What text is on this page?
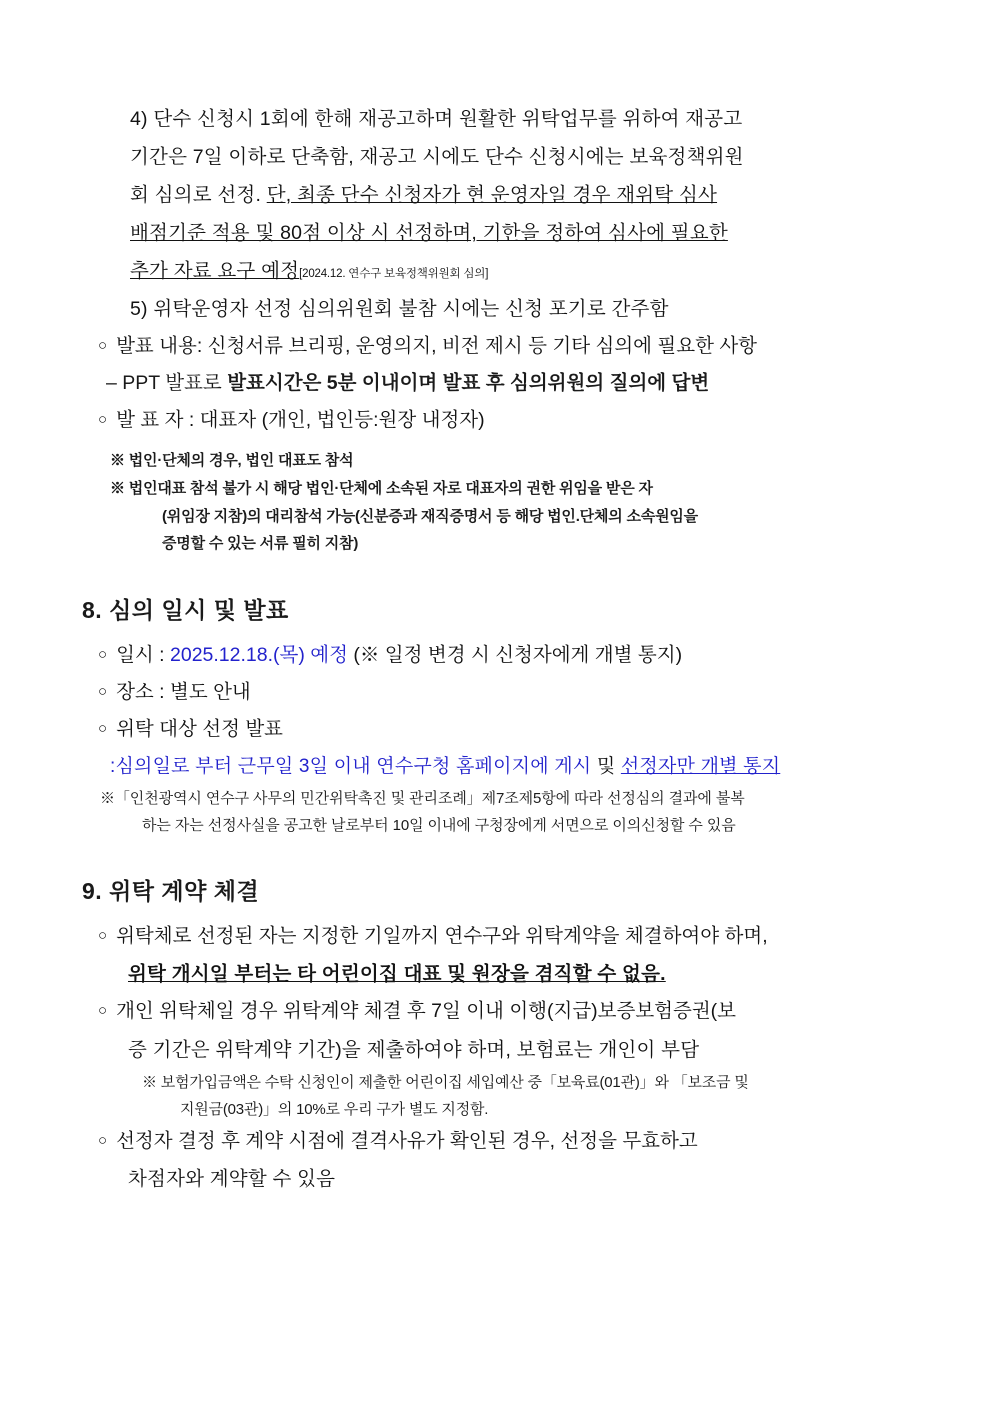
4) 단수 신청시 1회에 한해 재공고하며 원활한 위탁업무를 위하여 재공고
기간은 7일 이하로 단축함, 재공고 시에도 단수 신청시에는 보육정책위원
회 심의로 선정. 단, 최종 단수 신청자가 현 운영자일 경우 재위탁 심사
배점기준 적용 및 80점 이상 시 선정하며, 기한을 정하여 심사에 필요한
추가 자료 요구 예정[2024.12. 연수구 보육정책위원회 심의]
5) 위탁운영자 선정 심의위원회 불참 시에는 신청 포기로 간주함
○ 발표 내용: 신청서류 브리핑, 운영의지, 비전 제시 등 기타 심의에 필요한 사항
– PPT 발표로 발표시간은 5분 이내이며 발표 후 심의위원의 질의에 답변
○ 발 표 자 : 대표자 (개인, 법인등:원장 내정자)
※ 법인·단체의 경우, 법인 대표도 참석
※ 법인대표 참석 불가 시 해당 법인·단체에 소속된 자로 대표자의 권한 위임을 받은 자
(위임장 지참)의 대리참석 가능(신분증과 재직증명서 등 해당 법인.단체의 소속원임을
증명할 수 있는 서류 필히 지참)
8. 심의 일시 및 발표
○ 일시 : 2025.12.18.(목) 예정 (※ 일정 변경 시 신청자에게 개별 통지)
○ 장소 : 별도 안내
○ 위탁 대상 선정 발표
:심의일로 부터 근무일 3일 이내 연수구청 홈페이지에 게시 및 선정자만 개별 통지
※「인천광역시 연수구 사무의 민간위탁촉진 및 관리조례」제7조제5항에 따라 선정심의 결과에 불복
하는 자는 선정사실을 공고한 날로부터 10일 이내에 구청장에게 서면으로 이의신청할 수 있음
9. 위탁 계약 체결
○ 위탁체로 선정된 자는 지정한 기일까지 연수구와 위탁계약을 체결하여야 하며,
위탁 개시일 부터는 타 어린이집 대표 및 원장을 겸직할 수 없음.
○ 개인 위탁체일 경우 위탁계약 체결 후 7일 이내 이행(지급)보증보험증권(보
증 기간은 위탁계약 기간)을 제출하여야 하며, 보험료는 개인이 부담
※ 보험가입금액은 수탁 신청인이 제출한 어린이집 세입예산 중「보육료(01관)」와 「보조금 및
지원금(03관)」의 10%로 우리 구가 별도 지정함.
○ 선정자 결정 후 계약 시점에 결격사유가 확인된 경우, 선정을 무효하고
차점자와 계약할 수 있음
